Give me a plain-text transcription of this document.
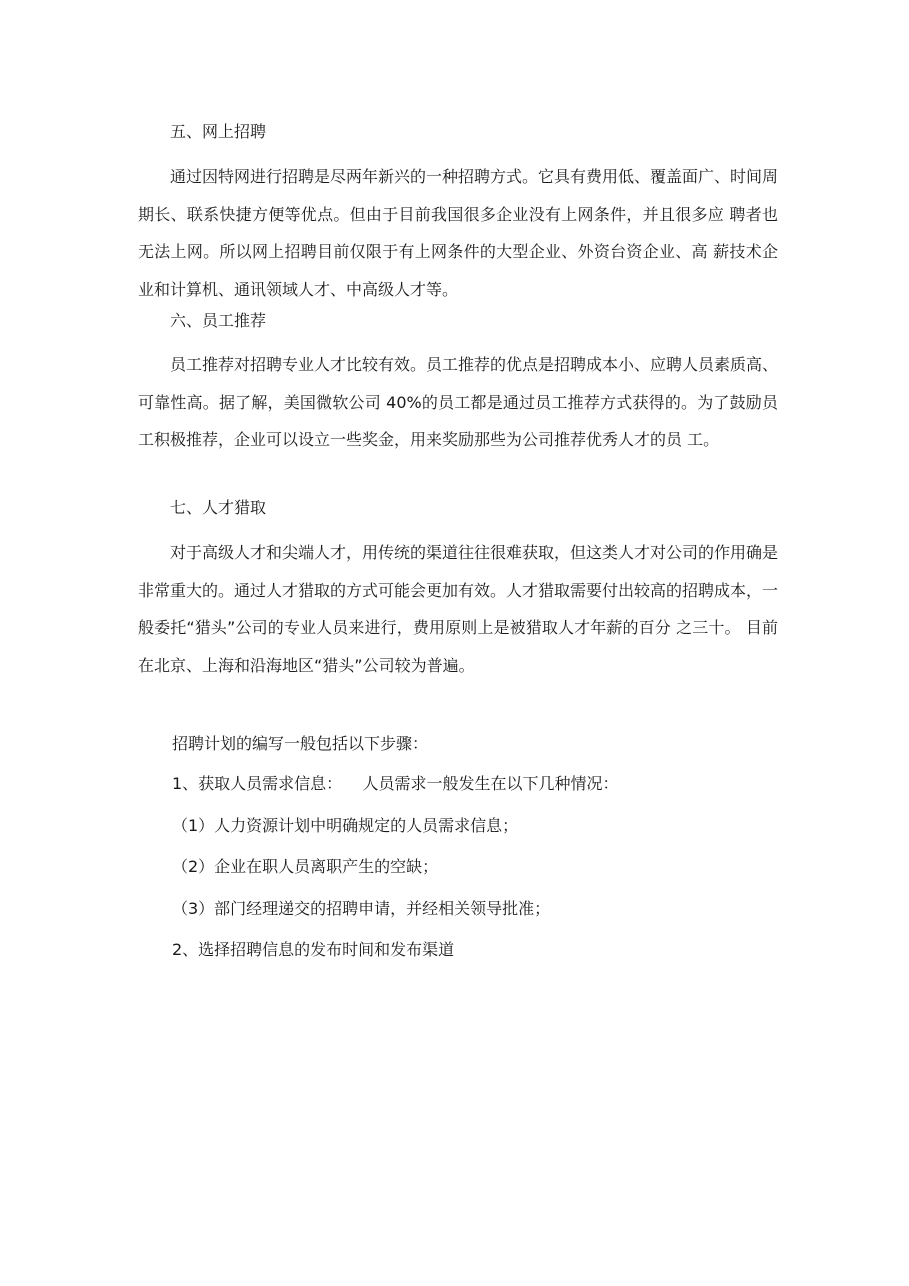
五、网上招聘

通过因特网进行招聘是尽两年新兴的一种招聘方式。它具有费用低、覆盖面广、时间周期长、联系快捷方便等优点。但由于目前我国很多企业没有上网条件，并且很多应 聘者也无法上网。所以网上招聘目前仅限于有上网条件的大型企业、外资台资企业、高 薪技术企业和计算机、通讯领域人才、中高级人才等。

六、员工推荐

员工推荐对招聘专业人才比较有效。员工推荐的优点是招聘成本小、应聘人员素质高、可靠性高。据了解，美国微软公司 40%的员工都是通过员工推荐方式获得的。为了鼓励员工积极推荐，企业可以设立一些奖金，用来奖励那些为公司推荐优秀人才的员 工。

七、人才猎取

对于高级人才和尖端人才，用传统的渠道往往很难获取，但这类人才对公司的作用确是非常重大的。通过人才猎取的方式可能会更加有效。人才猎取需要付出较高的招聘成本，一般委托“猎头”公司的专业人员来进行，费用原则上是被猎取人才年薪的百分 之三十。 目前在北京、上海和沿海地区“猎头”公司较为普遍。

招聘计划的编写一般包括以下步骤：
1、获取人员需求信息：    人员需求一般发生在以下几种情况：
（1）人力资源计划中明确规定的人员需求信息；
（2）企业在职人员离职产生的空缺；
（3）部门经理递交的招聘申请，并经相关领导批准；
2、选择招聘信息的发布时间和发布渠道
